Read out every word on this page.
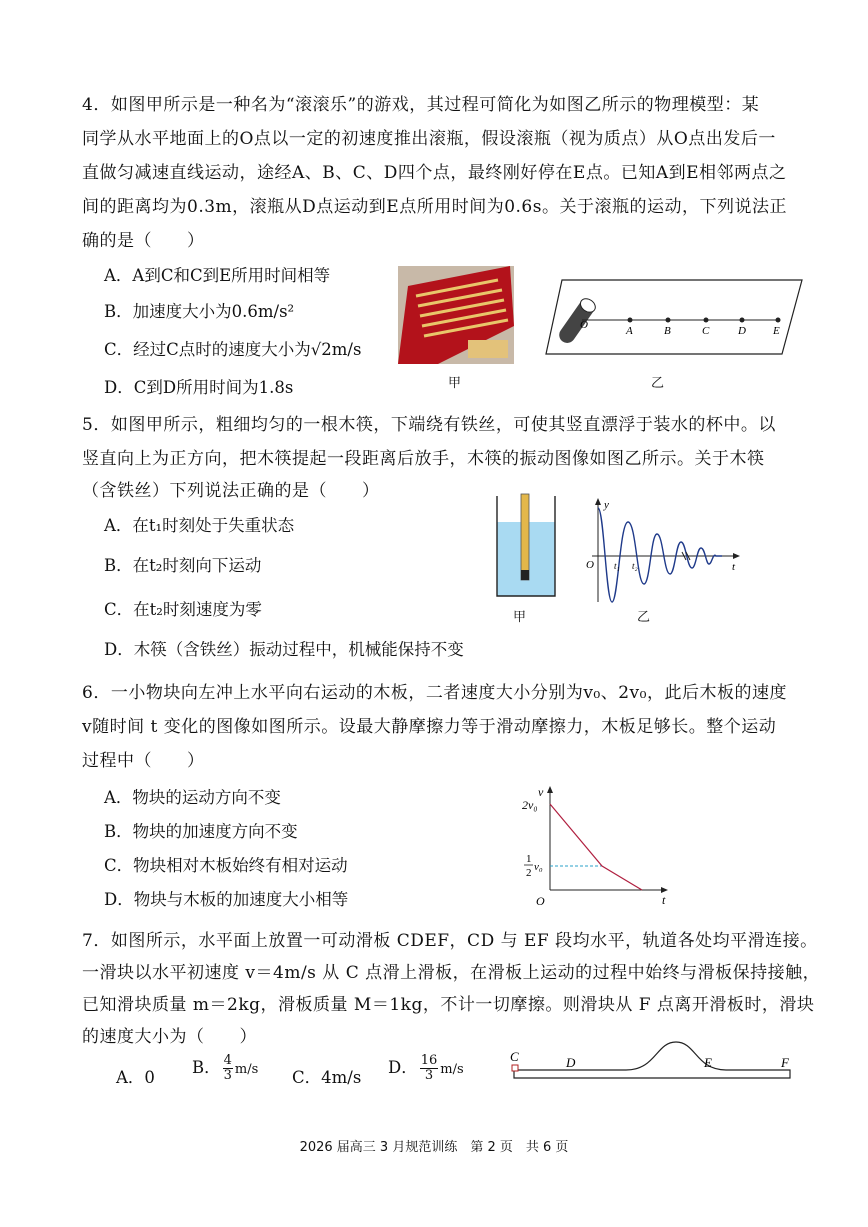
4．如图甲所示是一种名为“滚滚乐”的游戏，其过程可简化为如图乙所示的物理模型：某
同学从水平地面上的O点以一定的初速度推出滚瓶，假设滚瓶（视为质点）从O点出发后一
直做匀减速直线运动，途经A、B、C、D四个点，最终刚好停在E点。已知A到E相邻两点之
间的距离均为0.3m，滚瓶从D点运动到E点所用时间为0.6s。关于滚瓶的运动，下列说法正
确的是（　　）
A．A到C和C到E所用时间相等
B．加速度大小为0.6m/s²
C．经过C点时的速度大小为√2m/s
D．C到D所用时间为1.8s	甲
O	A	B	C	D E
乙
5．如图甲所示，粗细均匀的一根木筷，下端绕有铁丝，可使其竖直漂浮于装水的杯中。以
竖直向上为正方向，把木筷提起一段距离后放手，木筷的振动图像如图乙所示。关于木筷
（含铁丝）下列说法正确的是（　　）
A．在t₁时刻处于失重状态
B．在t₂时刻向下运动
C．在t₂时刻速度为零
D．木筷（含铁丝）振动过程中，机械能保持不变
甲
y
t
O t₁ t₂
乙
6．一小物块向左冲上水平向右运动的木板，二者速度大小分别为v₀、2v₀，此后木板的速度
v随时间 t 变化的图像如图所示。设最大静摩擦力等于滑动摩擦力，木板足够长。整个运动
过程中（　　）
A．物块的运动方向不变
B．物块的加速度方向不变
C．物块相对木板始终有相对运动
D．物块与木板的加速度大小相等
v
t
O
2v₀
1
2 v₀
7．如图所示，水平面上放置一可动滑板 CDEF，CD 与 EF 段均水平，轨道各处均平滑连接。
一滑块以水平初速度 v＝4m/s 从 C 点滑上滑板，在滑板上运动的过程中始终与滑板保持接触，
已知滑块质量 m＝2kg，滑板质量 M＝1kg，不计一切摩擦。则滑块从 F 点离开滑板时，滑块
的速度大小为（　　）
A．0
B． $\frac{4}{3} m/s$ C．4m/s
D． $\frac{16}{3} m/s$
C	D	E	F
2026 届高三 3 月规范训练　第 2 页　共 6 页
